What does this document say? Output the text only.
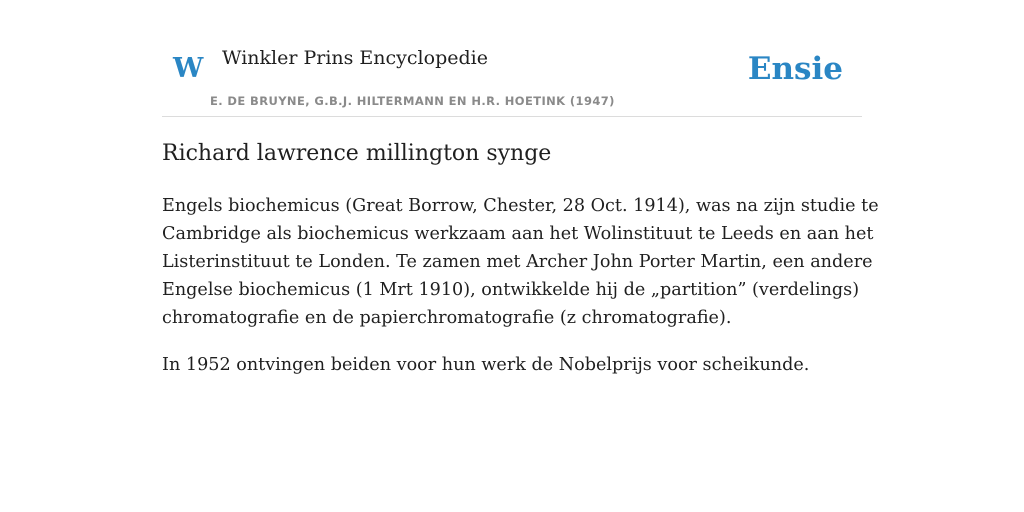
W Winkler Prins Encyclopedie
E. DE BRUYNE, G.B.J. HILTERMANN EN H.R. HOETINK (1947)
Ensie
Richard lawrence millington synge

Engels biochemicus (Great Borrow, Chester, 28 Oct. 1914), was na zijn studie te
Cambridge als biochemicus werkzaam aan het Wolinstituut te Leeds en aan het
Listerinstituut te Londen. Te zamen met Archer John Porter Martin, een andere
Engelse biochemicus (1 Mrt 1910), ontwikkelde hij de „partition” (verdelings)
chromatografie en de papierchromatografie (z chromatografie).

In 1952 ontvingen beiden voor hun werk de Nobelprijs voor scheikunde.
